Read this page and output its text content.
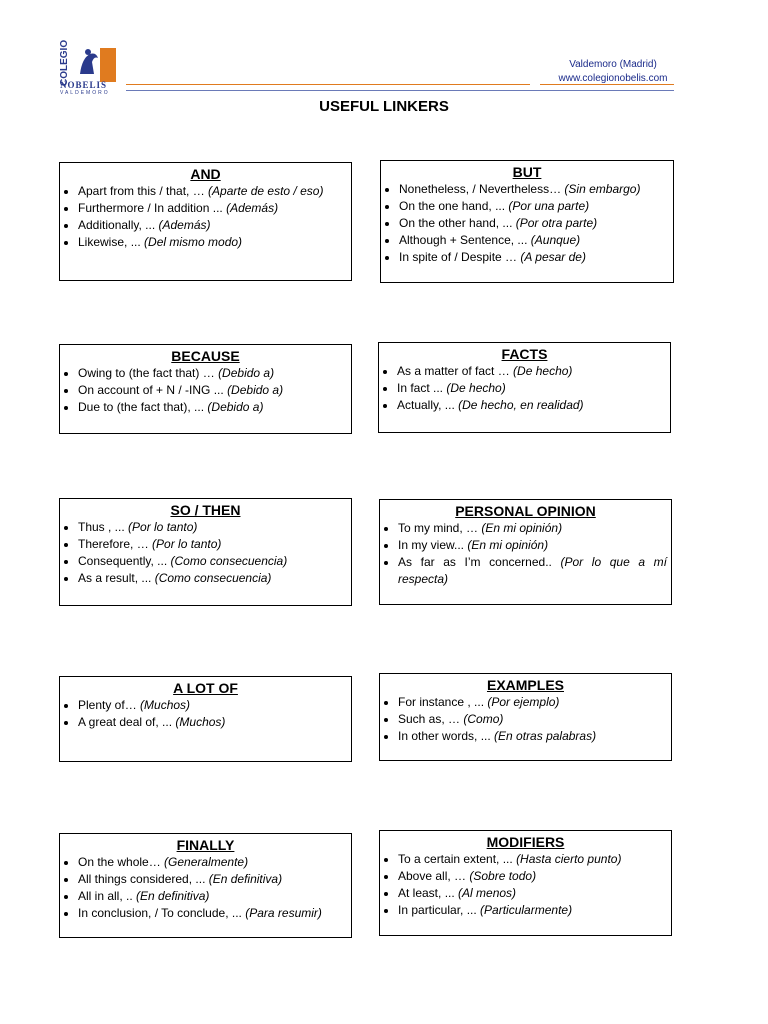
COLEGIO
NOBELIS
VALDEMORO
Valdemoro (Madrid)
www.colegionobelis.com
USEFUL LINKERS
AND
• Apart from this / that, … (Aparte de esto / eso)
• Furthermore / In addition ... (Además)
• Additionally, ... (Además)
• Likewise, ... (Del mismo modo)
BUT
• Nonetheless, / Nevertheless… (Sin embargo)
• On the one hand, ... (Por una parte)
• On the other hand, ... (Por otra parte)
• Although + Sentence, ... (Aunque)
• In spite of / Despite … (A pesar de)
BECAUSE
• Owing to (the fact that) … (Debido a)
• On account of + N / -ING ... (Debido a)
• Due to (the fact that), ... (Debido a)
FACTS
• As a matter of fact … (De hecho)
• In fact ... (De hecho)
• Actually, ... (De hecho, en realidad)
SO / THEN
• Thus , ... (Por lo tanto)
• Therefore, … (Por lo tanto)
• Consequently, ... (Como consecuencia)
• As a result, ... (Como consecuencia)
PERSONAL OPINION
• To my mind, … (En mi opinión)
• In my view... (En mi opinión)
• As far as I’m concerned.. (Por lo que a mí respecta)
A LOT OF
• Plenty of… (Muchos)
• A great deal of, ... (Muchos)
EXAMPLES
• For instance , ... (Por ejemplo)
• Such as, … (Como)
• In other words, ... (En otras palabras)
FINALLY
• On the whole… (Generalmente)
• All things considered, ... (En definitiva)
• All in all, .. (En definitiva)
• In conclusion, / To conclude, ... (Para resumir)
MODIFIERS
• To a certain extent, ... (Hasta cierto punto)
• Above all, … (Sobre todo)
• At least, ... (Al menos)
• In particular, ... (Particularmente)
